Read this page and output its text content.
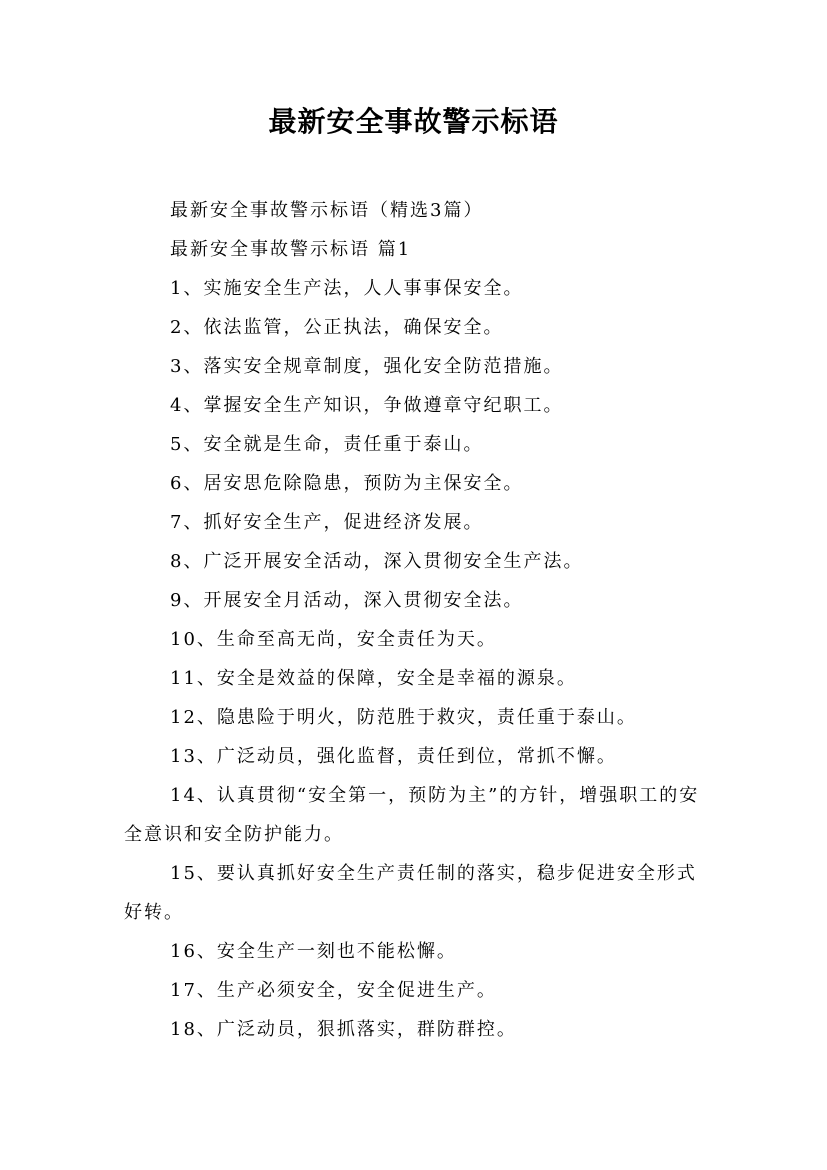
最新安全事故警示标语

最新安全事故警示标语（精选3篇）

最新安全事故警示标语 篇1

1、实施安全生产法，人人事事保安全。

2、依法监管，公正执法，确保安全。

3、落实安全规章制度，强化安全防范措施。

4、掌握安全生产知识，争做遵章守纪职工。

5、安全就是生命，责任重于泰山。

6、居安思危除隐患，预防为主保安全。

7、抓好安全生产，促进经济发展。

8、广泛开展安全活动，深入贯彻安全生产法。

9、开展安全月活动，深入贯彻安全法。

10、生命至高无尚，安全责任为天。

11、安全是效益的保障，安全是幸福的源泉。

12、隐患险于明火，防范胜于救灾，责任重于泰山。

13、广泛动员，强化监督，责任到位，常抓不懈。

14、认真贯彻“安全第一，预防为主”的方针，增强职工的安全意识和安全防护能力。

15、要认真抓好安全生产责任制的落实，稳步促进安全形式好转。

16、安全生产一刻也不能松懈。

17、生产必须安全，安全促进生产。

18、广泛动员，狠抓落实，群防群控。
